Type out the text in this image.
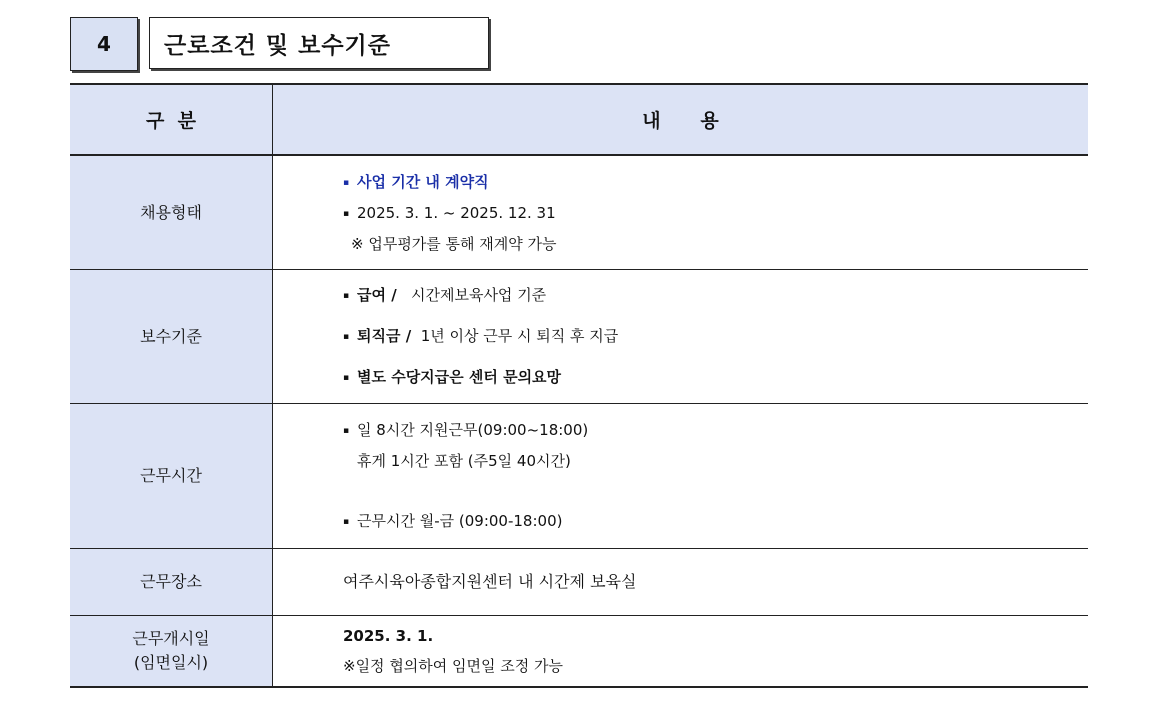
4 근로조건 및 보수기준
구  분	내      용
채용형태	▪ 사업 기간 내 계약직
▪ 2025. 3. 1. ~ 2025. 12. 31
※ 업무평가를 통해 재계약 가능

보수기준	▪ 급여 /   시간제보육사업 기준
▪ 퇴직금 /  1년 이상 근무 시 퇴직 후 지급
▪ 별도 수당지급은 센터 문의요망

근무시간	▪ 일 8시간 지원근무(09:00~18:00)
휴게 1시간 포함 (주5일 40시간)
▪ 근무시간 월-금 (09:00-18:00)

근무장소	여주시육아종합지원센터 내 시간제 보육실

근무개시일
(임면일시)	2025. 3. 1.
※일정 협의하여 임면일 조정 가능
